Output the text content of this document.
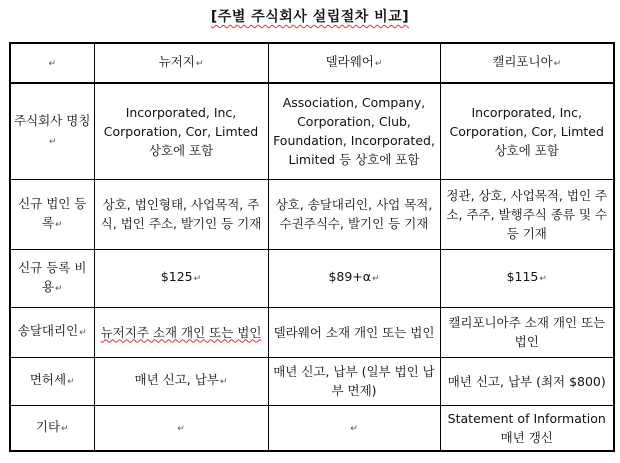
[주별 주식회사 설립절차 비교]
↵	뉴저지↵	델라웨어↵	캘리포니아↵
주식회사 명칭↵	Incorporated, Inc, Corporation, Cor, Limted 상호에 포함	Association, Company, Corporation, Club, Foundation, Incorporated, Limited 등 상호에 포함	Incorporated, Inc, Corporation, Cor, Limted 상호에 포함
신규 법인 등록↵	상호, 법인형태, 사업목적, 주식, 법인 주소, 발기인 등 기재	상호, 송달대리인, 사업 목적, 수권주식수, 발기인 등 기재	정관, 상호, 사업목적, 법인 주소, 주주, 발행주식 종류 및 수 등 기재
신규 등록 비용↵	$125↵	$89+α↵	$115↵
송달대리인↵	뉴저지주 소재 개인 또는 법인	델라웨어 소재 개인 또는 법인	캘리포니아주 소재 개인 또는 법인
면허세↵	매년 신고, 납부↵	매년 신고, 납부 (일부 법인 납부 면제)	매년 신고, 납부 (최저 $800)
기타↵	↵	↵	Statement of Information 매년 갱신
